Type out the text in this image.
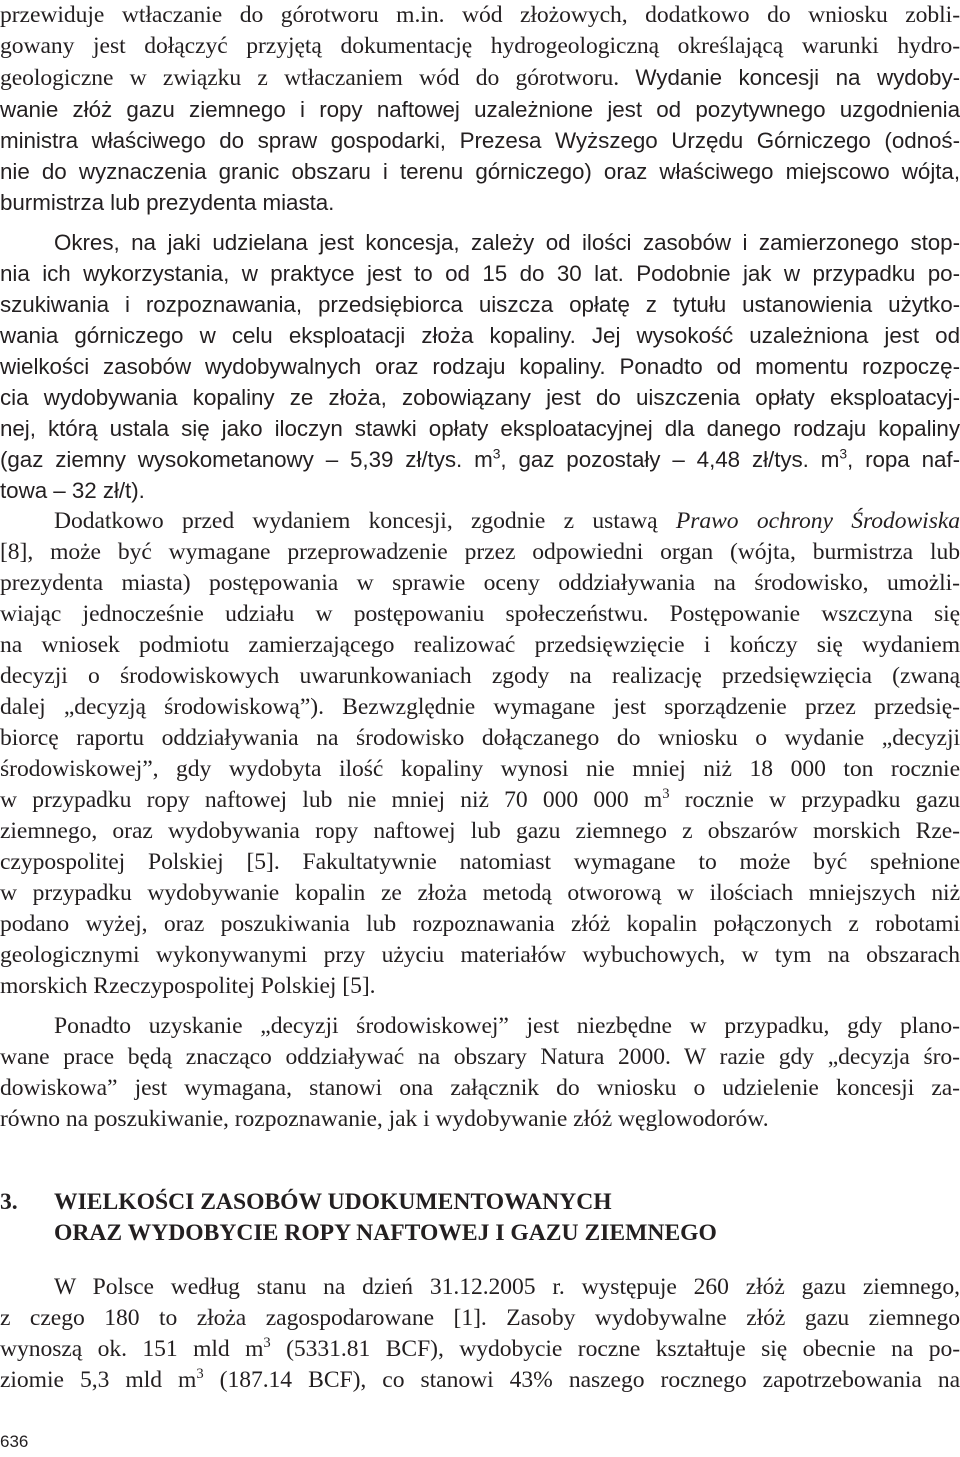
przewiduje wtłaczanie do górotworu m.in. wód złożowych, dodatkowo do wniosku zobli-
gowany jest dołączyć przyjętą dokumentację hydrogeologiczną określającą warunki hydro-
geologiczne w związku z wtłaczaniem wód do górotworu. Wydanie koncesji na wydoby-
wanie złóż gazu ziemnego i ropy naftowej uzależnione jest od pozytywnego uzgodnienia
ministra właściwego do spraw gospodarki, Prezesa Wyższego Urzędu Górniczego (odnoś-
nie do wyznaczenia granic obszaru i terenu górniczego) oraz właściwego miejscowo wójta,
burmistrza lub prezydenta miasta.
Okres, na jaki udzielana jest koncesja, zależy od ilości zasobów i zamierzonego stop-
nia ich wykorzystania, w praktyce jest to od 15 do 30 lat. Podobnie jak w przypadku po-
szukiwania i rozpoznawania, przedsiębiorca uiszcza opłatę z tytułu ustanowienia użytko-
wania górniczego w celu eksploatacji złoża kopaliny. Jej wysokość uzależniona jest od
wielkości zasobów wydobywalnych oraz rodzaju kopaliny. Ponadto od momentu rozpoczę-
cia wydobywania kopaliny ze złoża, zobowiązany jest do uiszczenia opłaty eksploatacyj-
nej, którą ustala się jako iloczyn stawki opłaty eksploatacyjnej dla danego rodzaju kopaliny
(gaz ziemny wysokometanowy – 5,39 zł/tys. $m^3$, gaz pozostały – 4,48 zł/tys. $m^3$, ropa naf-
towa – 32 zł/t).
Dodatkowo przed wydaniem koncesji, zgodnie z ustawą Prawo ochrony Środowiska
[8], może być wymagane przeprowadzenie przez odpowiedni organ (wójta, burmistrza lub
prezydenta miasta) postępowania w sprawie oceny oddziaływania na środowisko, umożli-
wiając jednocześnie udziału w postępowaniu społeczeństwu. Postępowanie wszczyna się
na wniosek podmiotu zamierzającego realizować przedsięwzięcie i kończy się wydaniem
decyzji o środowiskowych uwarunkowaniach zgody na realizację przedsięwzięcia (zwaną
dalej „decyzją środowiskową”). Bezwzględnie wymagane jest sporządzenie przez przedsię-
biorcę raportu oddziaływania na środowisko dołączanego do wniosku o wydanie „decyzji
środowiskowej”, gdy wydobyta ilość kopaliny wynosi nie mniej niż 18 000 ton rocznie
w przypadku ropy naftowej lub nie mniej niż 70 000 000 $m^3$ rocznie w przypadku gazu
ziemnego, oraz wydobywania ropy naftowej lub gazu ziemnego z obszarów morskich Rze-
czypospolitej Polskiej [5]. Fakultatywnie natomiast wymagane to może być spełnione
w przypadku wydobywanie kopalin ze złoża metodą otworową w ilościach mniejszych niż
podano wyżej, oraz poszukiwania lub rozpoznawania złóż kopalin połączonych z robotami
geologicznymi wykonywanymi przy użyciu materiałów wybuchowych, w tym na obszarach
morskich Rzeczypospolitej Polskiej [5].
Ponadto uzyskanie „decyzji środowiskowej” jest niezbędne w przypadku, gdy plano-
wane prace będą znacząco oddziaływać na obszary Natura 2000. W razie gdy „decyzja śro-
dowiskowa” jest wymagana, stanowi ona załącznik do wniosku o udzielenie koncesji za-
równo na poszukiwanie, rozpoznawanie, jak i wydobywanie złóż węglowodorów.
3. WIELKOŚCI ZASOBÓW UDOKUMENTOWANYCH
ORAZ WYDOBYCIE ROPY NAFTOWEJ I GAZU ZIEMNEGO
W Polsce według stanu na dzień 31.12.2005 r. występuje 260 złóż gazu ziemnego,
z czego 180 to złoża zagospodarowane [1]. Zasoby wydobywalne złóż gazu ziemnego
wynoszą ok. 151 mld $m^3$ (5331.81 BCF), wydobycie roczne kształtuje się obecnie na po-
ziomie 5,3 mld $m^3$ (187.14 BCF), co stanowi 43% naszego rocznego zapotrzebowania na
636
